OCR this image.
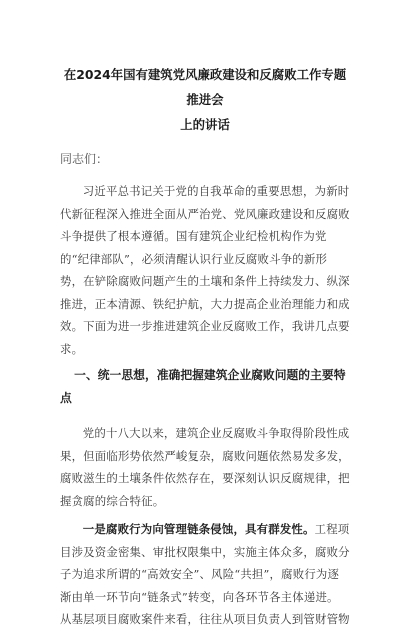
在2024年国有建筑党风廉政建设和反腐败工作专题推进会
上的讲话

同志们：

习近平总书记关于党的自我革命的重要思想，为新时代新征程深入推进全面从严治党、党风廉政建设和反腐败斗争提供了根本遵循。国有建筑企业纪检机构作为党的“纪律部队”，必须清醒认识行业反腐败斗争的新形势，在铲除腐败问题产生的土壤和条件上持续发力、纵深推进，正本清源、铁纪护航，大力提高企业治理能力和成效。下面为进一步推进建筑企业反腐败工作，我讲几点要求。

一、统一思想，准确把握建筑企业腐败问题的主要特点

党的十八大以来，建筑企业反腐败斗争取得阶段性成果，但面临形势依然严峻复杂，腐败问题依然易发多发，腐败滋生的土壤条件依然存在，要深刻认识反腐规律，把握贪腐的综合特征。

一是腐败行为向管理链条侵蚀，具有群发性。工程项目涉及资金密集、审批权限集中，实施主体众多，腐败分子为追求所谓的“高效安全”、风险“共担”，腐败行为逐渐由单一环节向“链条式”转变，向各环节各主体递进。从基层项目腐败案件来看，往往从项目负责人到管财管物
